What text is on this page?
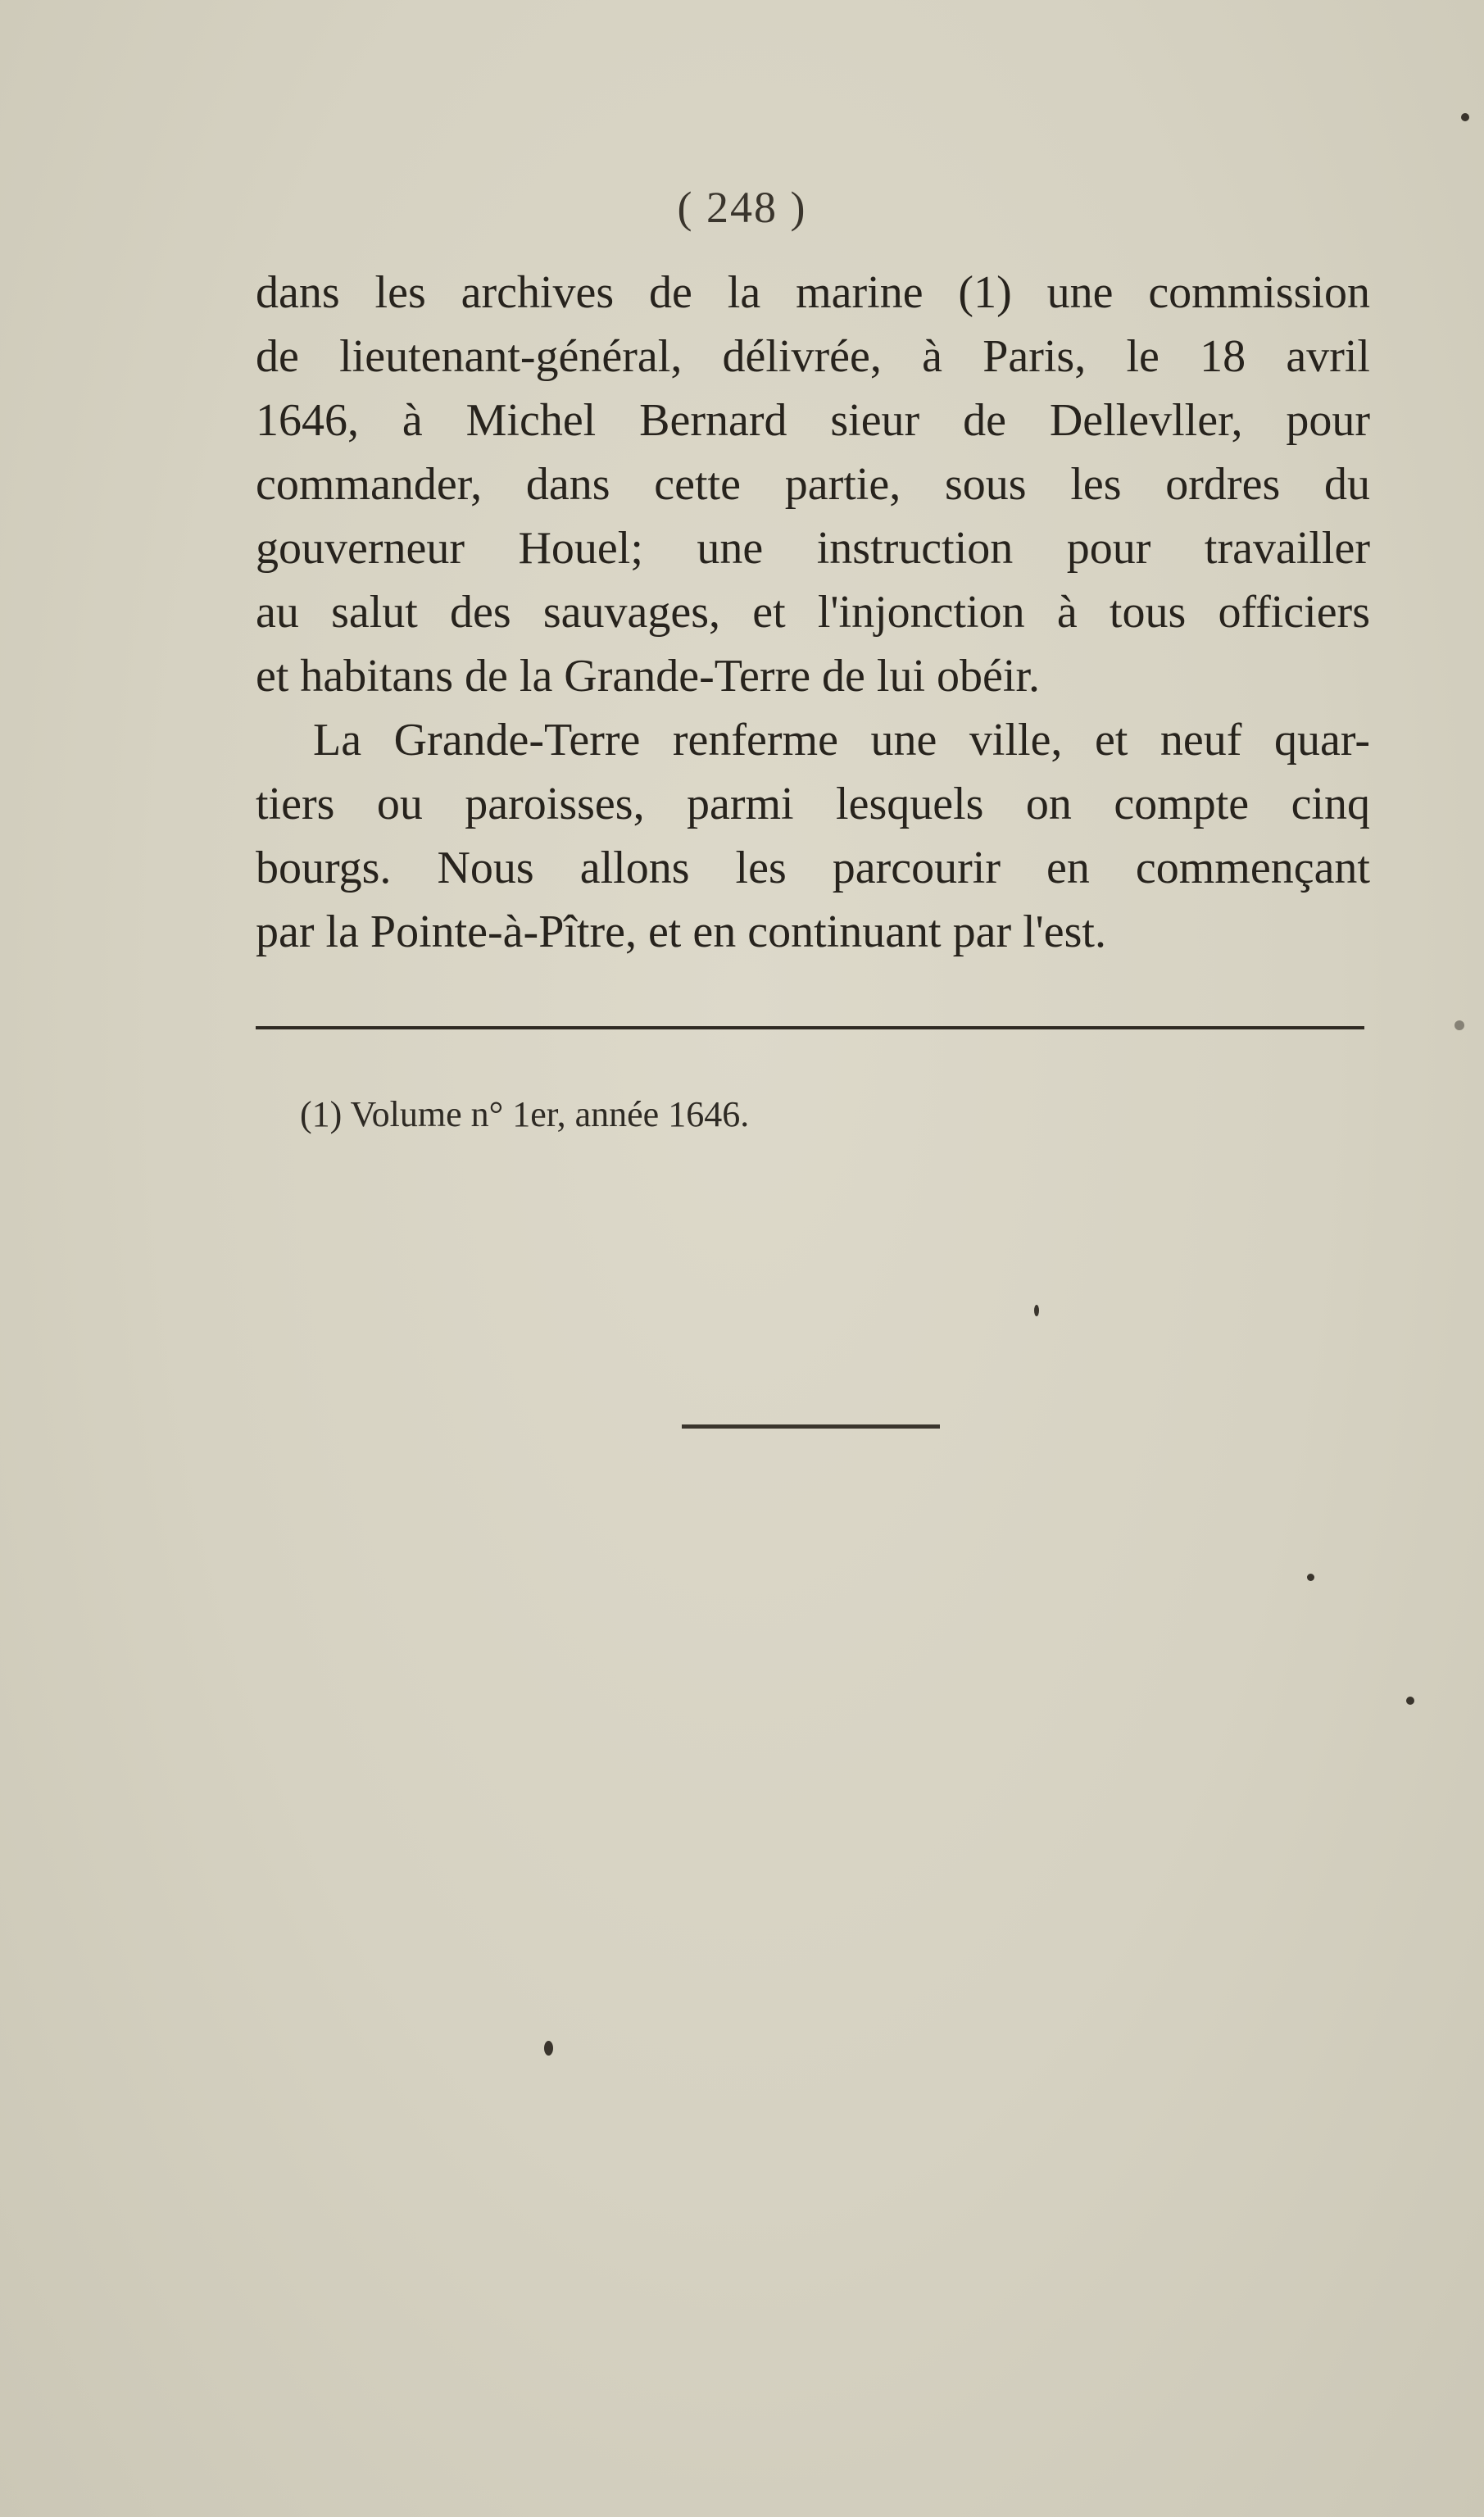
( 248 )
dans les archives de la marine (1) une commission
de lieutenant-général, délivrée, à Paris, le 18 avril
1646, à Michel Bernard sieur de Dellevller, pour
commander, dans cette partie, sous les ordres du
gouverneur Houel; une instruction pour travailler
au salut des sauvages, et l'injonction à tous officiers
et habitans de la Grande-Terre de lui obéir.
La Grande-Terre renferme une ville, et neuf quar-
tiers ou paroisses, parmi lesquels on compte cinq
bourgs. Nous allons les parcourir en commençant
par la Pointe-à-Pître, et en continuant par l'est.
(1) Volume n° 1er, année 1646.
